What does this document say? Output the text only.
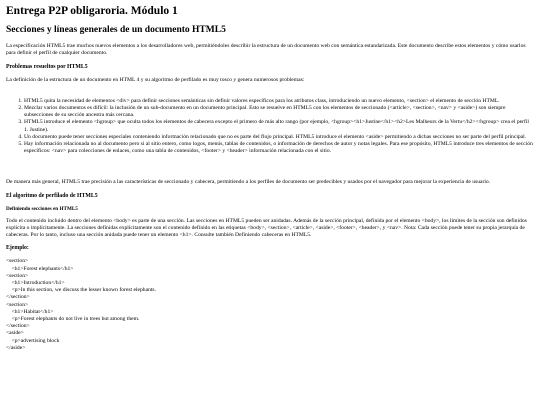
Entrega P2P obligaroria. Módulo 1
Secciones y líneas generales de un documento HTML5

La especificación HTML5 trae muchos nuevos elementos a los desarrolladores web, permitiéndoles describir la estructura de un documento web con semántica estandarizada. Este documento describe estos elementos y cómo usarlos para definir el perfil de cualquier documento.

Problemas resueltos por HTML5

La definición de la estructura de un documento en HTML 4 y su algoritmo de perfilado es muy tosco y genera numerosos problemas:

1. HTML5 quita la necesidad de elementos <div> para definir secciones semánticas sin definir valores específicos para los atributos class, introduciendo un nuevo elemento, <section> el elemento de sección HTML.
2. Mezclar varios documentos es difícil: la inclusión de un sub-documento en un documento principal. Esto se resuelve en HTML5 con los elementos de seccionado (<article>, <section>, <nav> y <aside>) son siempre subsecciones de su sección ancestra más cercana.
3. HTML5 introduce el elemento <hgroup> que oculta todos los elementos de cabecera excepto el primero de más alto rango (por ejemplo, <hgroup><h1>Justine</h1><h2>Les Malheurs de la Vertu</h2></hgroup> crea el perfil 1. Justine).
4. Un documento puede tener secciones especiales conteniendo información relacionado que no es parte del flujo principal. HTML5 introduce el elemento <aside> permitiendo a dichas secciones no ser parte del perfil principal.
5. Hay información relacionada no al documento pero si al sitio entero, como logos, menús, tablas de contenidos, o información de derechos de autor y notas legales. Para ese propósito, HTML5 introduce tres elementos de sección específicos: <nav> para colecciones de enlaces, como una tabla de contenidos, <footer> y <header> información relacionada con el sitio.

De manera más general, HTML5 trae precisión a las características de seccionado y cabecera, permitiendo a los perfiles de documento ser predecibles y usados por el navegador para mejorar la experiencia de usuario.

El algoritmo de perfilado de HTML5
Definiendo secciones en HTML5

Todo el contenido incluido dentro del elemento <body> es parte de una sección. Las secciones en HTML5 pueden ser anidadas. Además de la sección principal, definida por el elemento <body>, los límites de la sección son definidos explícita o implícitamente. La secciones definidas explícitamente son el contenido definido en las etiquetas <body>, <section>, <article>, <aside>, <footer>, <header>, y <nav>. Nota: Cada sección puede tener su propia jerarquía de cabeceras. Por lo tanto, incluso una sección anidada puede tener un elemento <h1>. Consulte también Definiendo cabeceras en HTML5.

Ejemplo:
<section>
<h1>Forest elephants</h1>
<section>
<h1>Introduction</h1>
<p>In this section, we discuss the lesser known forest elephants.
</section>
<section>
<h1>Habitat</h1>
<p>Forest elephants do not live in trees but among them.
</section>
<aside>
<p>advertising block
</aside>
